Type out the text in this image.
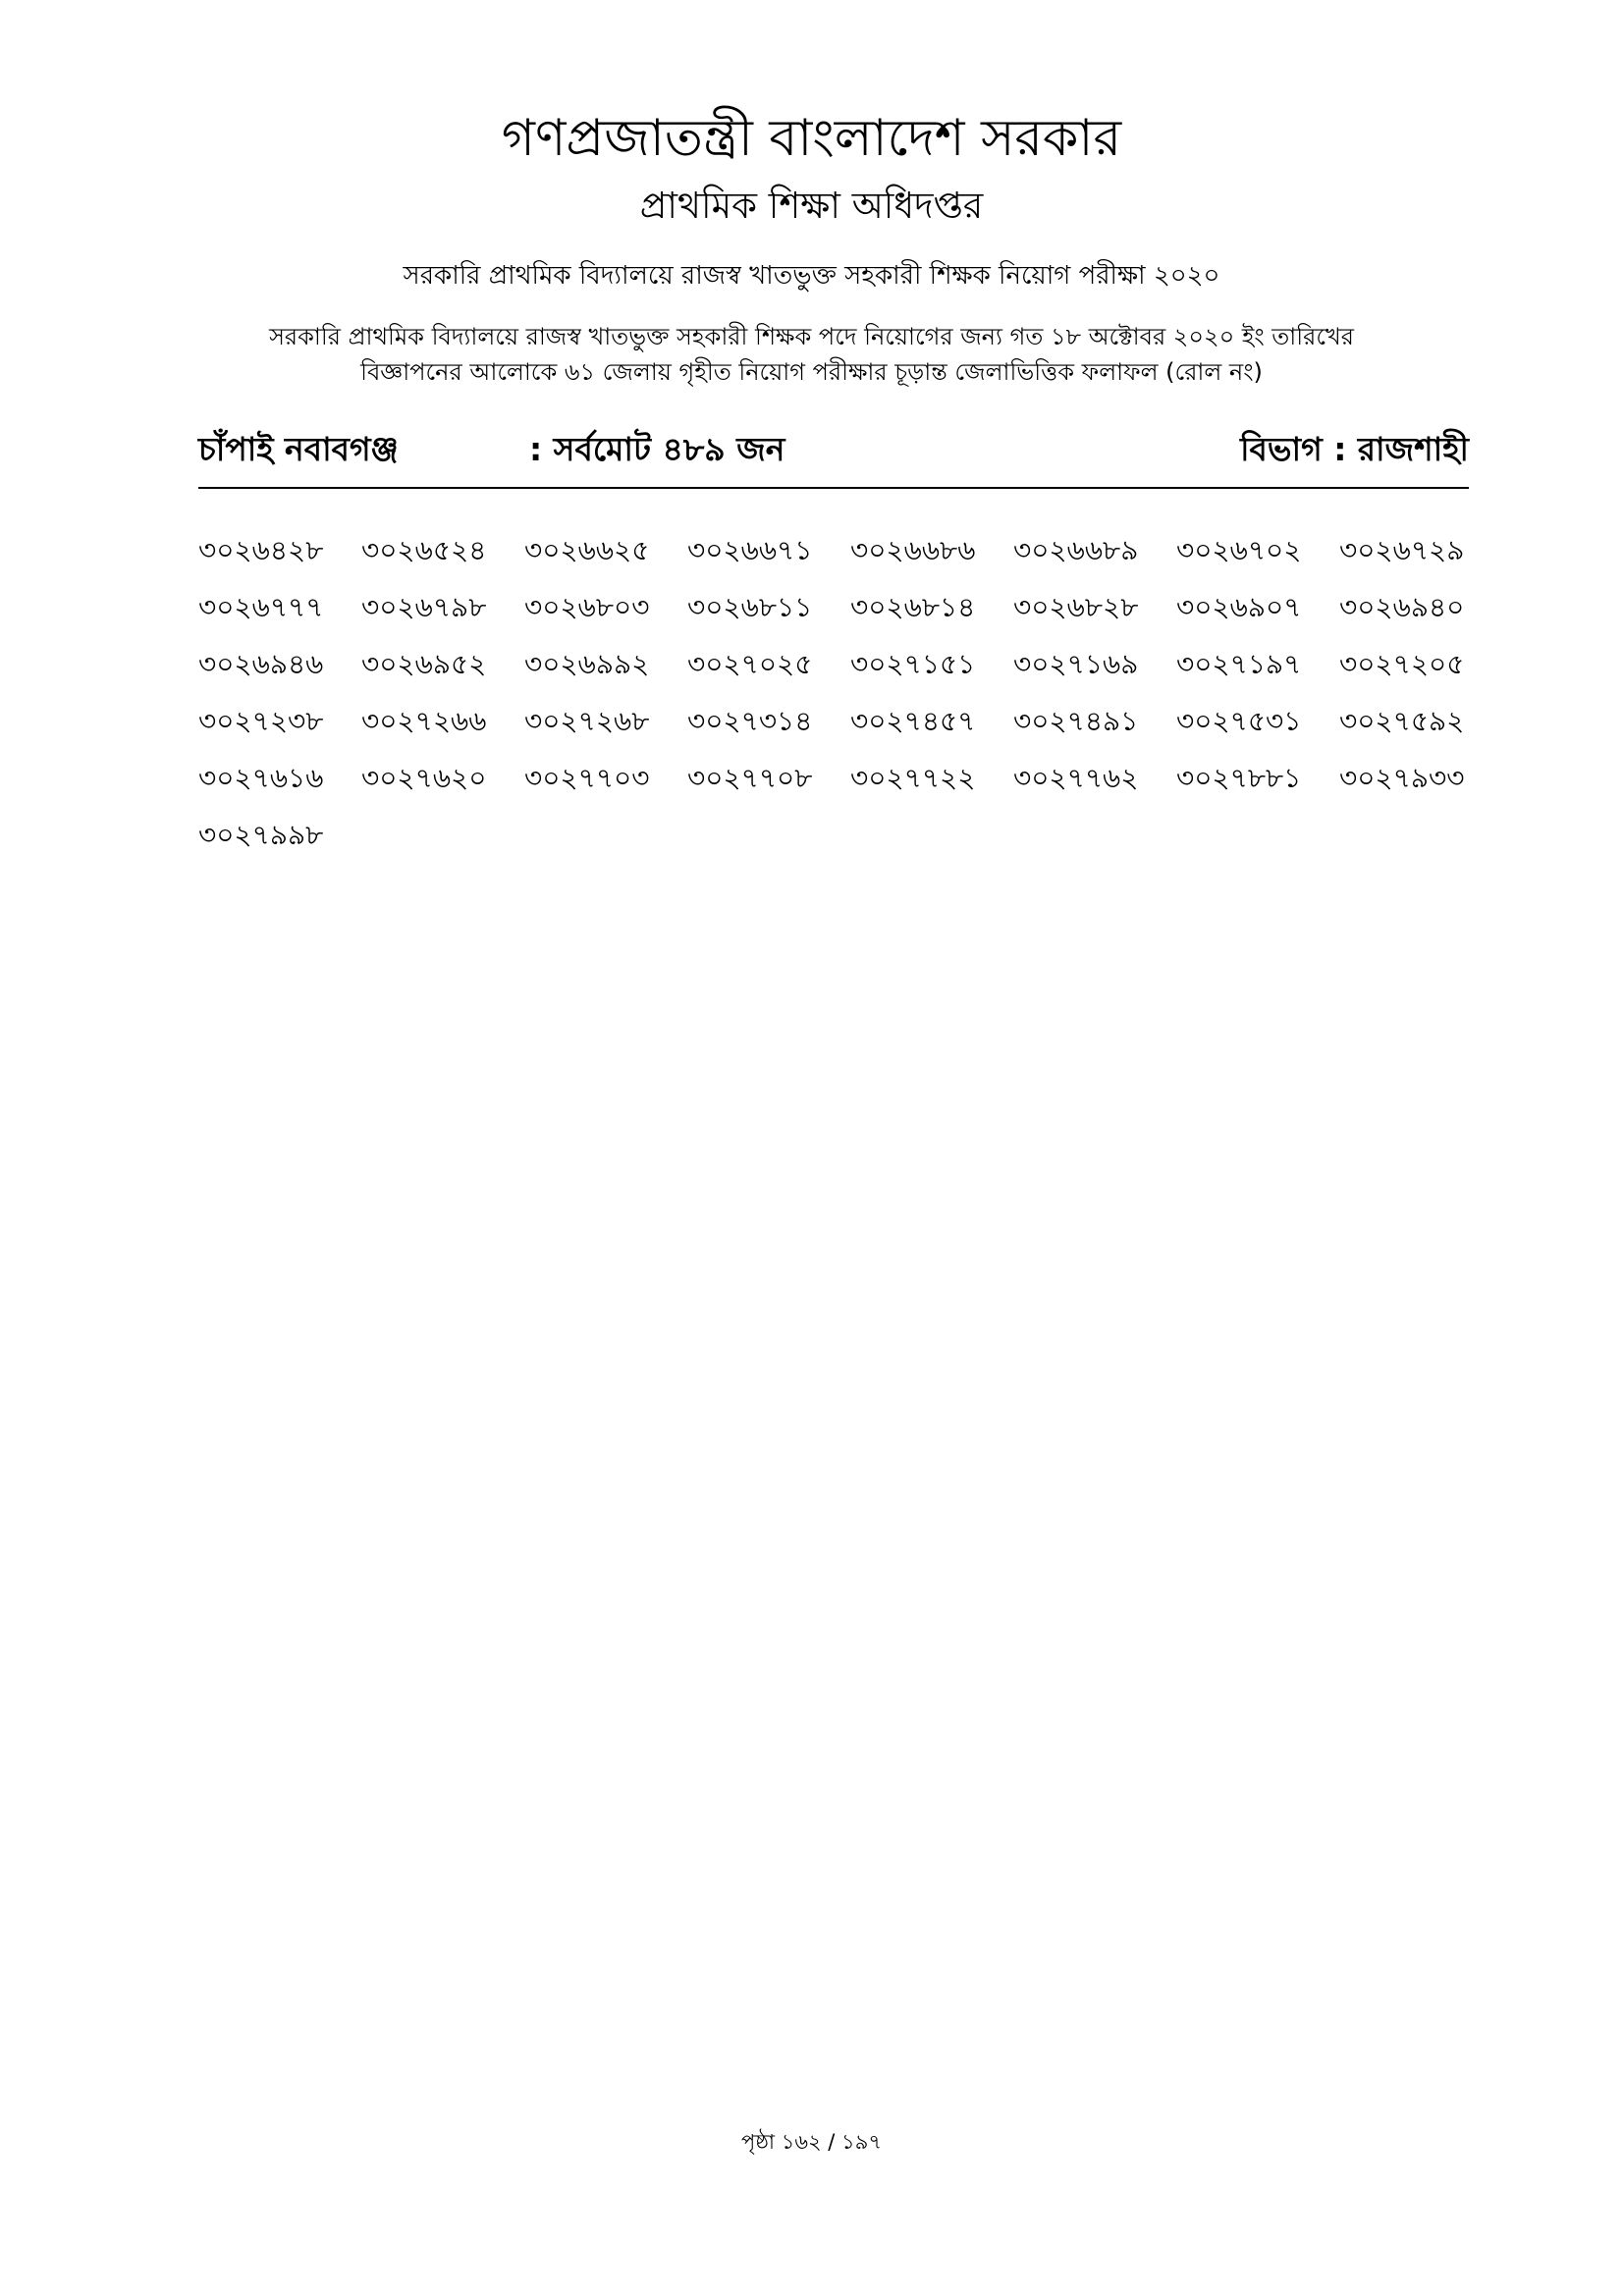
গণপ্রজাতন্ত্রী বাংলাদেশ সরকার
প্রাথমিক শিক্ষা অধিদপ্তর
সরকারি প্রাথমিক বিদ্যালয়ে রাজস্ব খাতভুক্ত সহকারী শিক্ষক নিয়োগ পরীক্ষা ২০২০
সরকারি প্রাথমিক বিদ্যালয়ে রাজস্ব খাতভুক্ত সহকারী শিক্ষক পদে নিয়োগের জন্য গত ১৮ অক্টোবর ২০২০ ইং তারিখের
বিজ্ঞাপনের আলোকে ৬১ জেলায় গৃহীত নিয়োগ পরীক্ষার চূড়ান্ত জেলাভিত্তিক ফলাফল (রোল নং)
চাঁপাই নবাবগঞ্জ	: সর্বমোট ৪৮৯ জন	বিভাগ : রাজশাহী
৩০২৬৪২৮	৩০২৬৫২৪	৩০২৬৬২৫	৩০২৬৬৭১	৩০২৬৬৮৬	৩০২৬৬৮৯	৩০২৬৭০২	৩০২৬৭২৯
৩০২৬৭৭৭	৩০২৬৭৯৮	৩০২৬৮০৩	৩০২৬৮১১	৩০২৬৮১৪	৩০২৬৮২৮	৩০২৬৯০৭	৩০২৬৯৪০
৩০২৬৯৪৬	৩০২৬৯৫২	৩০২৬৯৯২	৩০২৭০২৫	৩০২৭১৫১	৩০২৭১৬৯	৩০২৭১৯৭	৩০২৭২০৫
৩০২৭২৩৮	৩০২৭২৬৬	৩০২৭২৬৮	৩০২৭৩১৪	৩০২৭৪৫৭	৩০২৭৪৯১	৩০২৭৫৩১	৩০২৭৫৯২
৩০২৭৬১৬	৩০২৭৬২০	৩০২৭৭০৩	৩০২৭৭০৮	৩০২৭৭২২	৩০২৭৭৬২	৩০২৭৮৮১	৩০২৭৯৩৩
৩০২৭৯৯৮
পৃষ্ঠা ১৬২ / ১৯৭
